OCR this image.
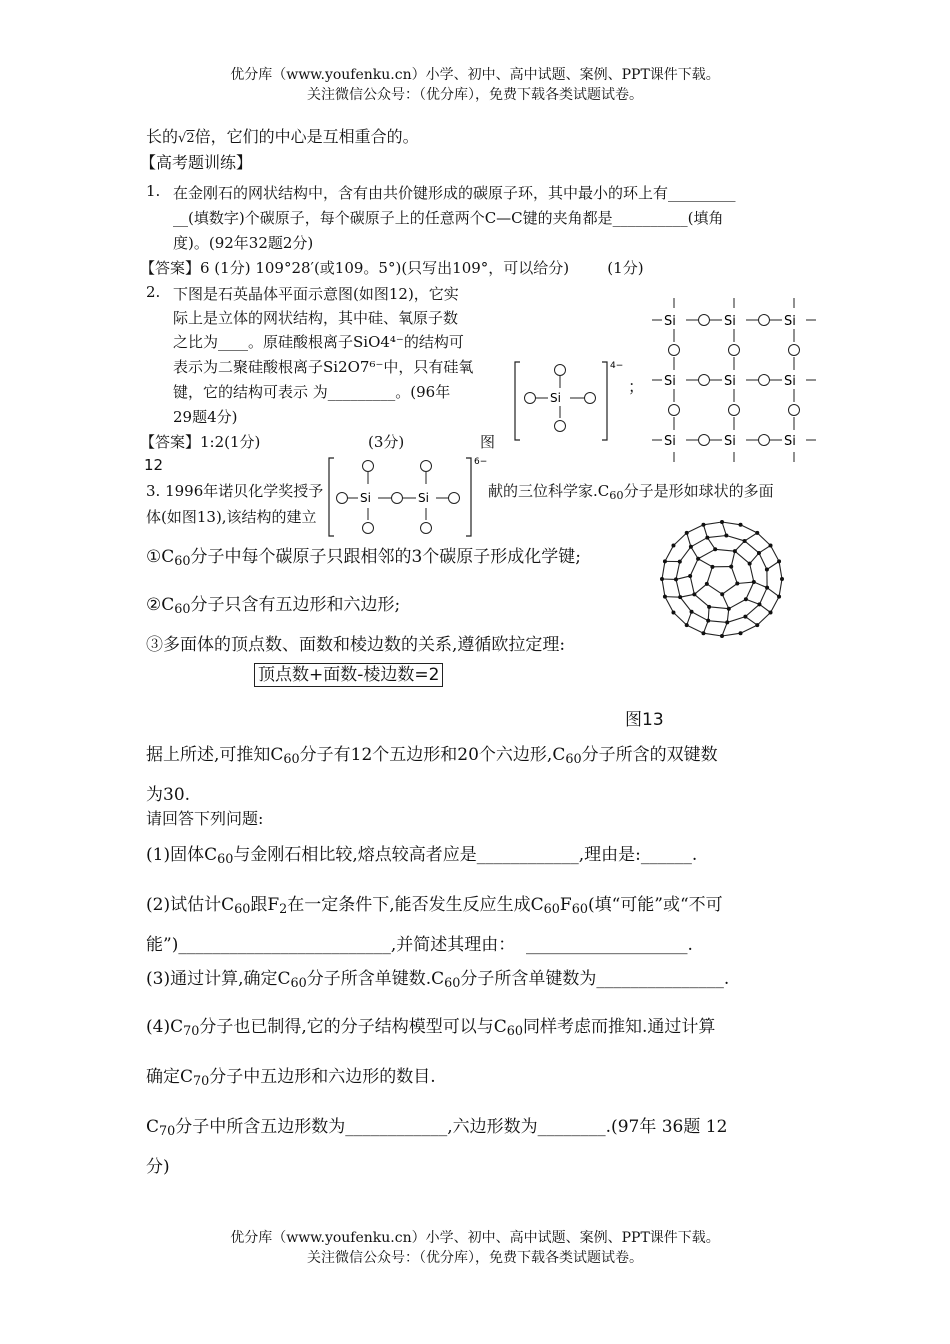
优分库（www.youfenku.cn）小学、初中、高中试题、案例、PPT课件下载。
关注微信公众号：（优分库），免费下载各类试题试卷。
长的√2倍，它们的中心是互相重合的。
【高考题训练】
1. 在金刚石的网状结构中，含有由共价键形成的碳原子环，其中最小的环上有_________
__(填数字)个碳原子，每个碳原子上的任意两个C—C键的夹角都是__________(填角
度)。(92年32题2分)
【答案】6 (1分) 109°28′(或109。5°)(只写出109°，可以给分)        (1分)
2. 下图是石英晶体平面示意图(如图12)，它实
际上是立体的网状结构，其中硅、氧原子数
之比为____。原硅酸根离子SiO4⁴⁻的结构可
表示为二聚硅酸根离子Si2O7⁶⁻中，只有硅氧
键，它的结构可表示 为_________。(96年
29题4分)
【答案】1:2(1分)	(3分)	图
12
4−
Si
；
Si	Si	Si
Si	Si	Si
Si	Si	Si
6−
Si	Si
3. 1996年诺贝化学奖授予	献的三位科学家$.C_{60}$分子是形如球状的多面
体(如图13),该结构的建立
$①C_{60}$分子中每个碳原子只跟相邻的3个碳原子形成化学键;
$②C_{60}$分子只含有五边形和六边形;
③多面体的顶点数、面数和棱边数的关系,遵循欧拉定理:
顶点数+面数-棱边数=2
图13
据上所述,可推知$C_{60}$分子有12个五边形和20个六边形$,C_{60}$分子所含的双键数
为30.
请回答下列问题:
(1)固体$C_{60}$与金刚石相比较,熔点较高者应是____________,理由是:______.
(2)试估计$C_{60}$跟$F_2$在一定条件下,能否发生反应生成$C_{60}F_{60}$(填“可能”或“不可
能”)_________________________,并简述其理由：  ___________________.
(3)通过计算,确定$C_{60}$分子所含单键数$.C_{60}$分子所含单键数为_______________.
$(4)C_{70}$分子也已制得,它的分子结构模型可以与$C_{60}$同样考虑而推知.通过计算
确定$C_{70}$分子中五边形和六边形的数目.
$C_{70}$分子中所含五边形数为____________,六边形数为________.(97年 36题 12
分)
优分库（www.youfenku.cn）小学、初中、高中试题、案例、PPT课件下载。
关注微信公众号：（优分库），免费下载各类试题试卷。
